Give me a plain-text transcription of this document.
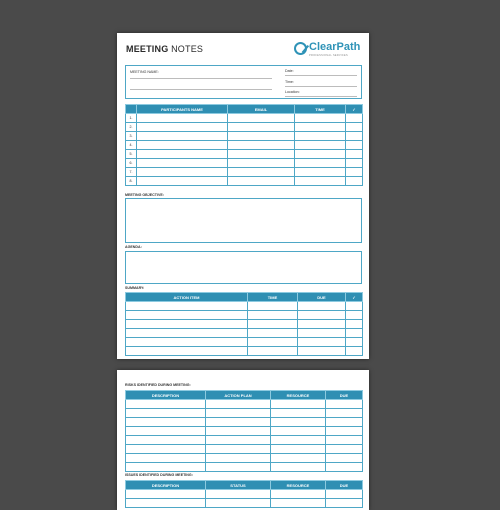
MEETING NOTES	ClearPath
PROFESSIONAL SERVICES
MEETING NAME:	Date:
Time:
Location:
	PARTICIPANTS NAME	EMAIL	TIME	✓
1.				
2.				
3.				
4.				
5.				
6.				
7.				
8.				
MEETING OBJECTIVE:
AGENDA:
SUMMARY:
ACTION ITEM	TIME	DUE	✓

RISKS IDENTIFIED DURING MEETING:
DESCRIPTION	ACTION PLAN	RESOURCE	DUE

ISSUES IDENTIFIED DURING MEETING:
DESCRIPTION	STATUS	RESOURCE	DUE
